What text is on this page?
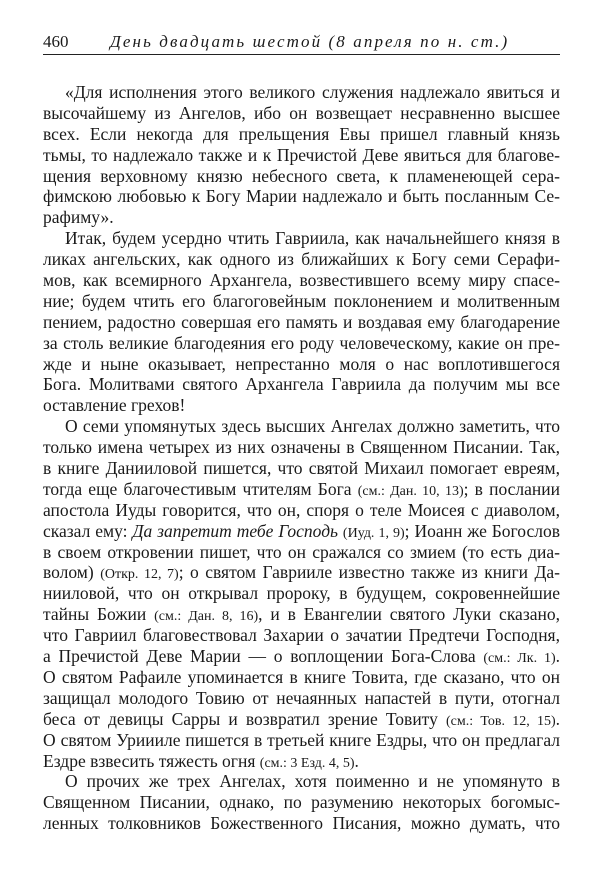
460 День двадцать шестой (8 апреля по н. ст.)
«Для исполнения этого великого служения надлежало явиться и
высочайшему из Ангелов, ибо он возвещает несравненно высшее
всех. Если некогда для прельщения Евы пришел главный князь
тьмы, то надлежало также и к Пречистой Деве явиться для благове-
щения верховному князю небесного света, к пламенеющей сера-
фимскою любовью к Богу Марии надлежало и быть посланным Се-
рафиму».
Итак, будем усердно чтить Гавриила, как начальнейшего князя в
ликах ангельских, как одного из ближайших к Богу семи Серафи-
мов, как всемирного Архангела, возвестившего всему миру спасе-
ние; будем чтить его благоговейным поклонением и молитвенным
пением, радостно совершая его память и воздавая ему благодарение
за столь великие благодеяния его роду человеческому, какие он пре-
жде и ныне оказывает, непрестанно моля о нас воплотившегося
Бога. Молитвами святого Архангела Гавриила да получим мы все
оставление грехов!
О семи упомянутых здесь высших Ангелах должно заметить, что
только имена четырех из них означены в Священном Писании. Так,
в книге Данииловой пишется, что святой Михаил помогает евреям,
тогда еще благочестивым чтителям Бога (см.: Дан. 10, 13); в послании
апостола Иуды говорится, что он, споря о теле Моисея с диаволом,
сказал ему: Да запретит тебе Господь (Иуд. 1, 9); Иоанн же Богослов
в своем откровении пишет, что он сражался со змием (то есть диа-
волом) (Откр. 12, 7); о святом Гаврииле известно также из книги Да-
нииловой, что он открывал пророку, в будущем, сокровеннейшие
тайны Божии (см.: Дан. 8, 16), и в Евангелии святого Луки сказано,
что Гавриил благовествовал Захарии о зачатии Предтечи Господня,
а Пречистой Деве Марии — о воплощении Бога-Слова (см.: Лк. 1).
О святом Рафаиле упоминается в книге Товита, где сказано, что он
защищал молодого Товию от нечаянных напастей в пути, отогнал
беса от девицы Сарры и возвратил зрение Товиту (см.: Тов. 12, 15).
О святом Уриииле пишется в третьей книге Ездры, что он предлагал
Ездре взвесить тяжесть огня (см.: 3 Езд. 4, 5).
О прочих же трех Ангелах, хотя поименно и не упомянуто в
Священном Писании, однако, по разумению некоторых богомыс-
ленных толковников Божественного Писания, можно думать, что
